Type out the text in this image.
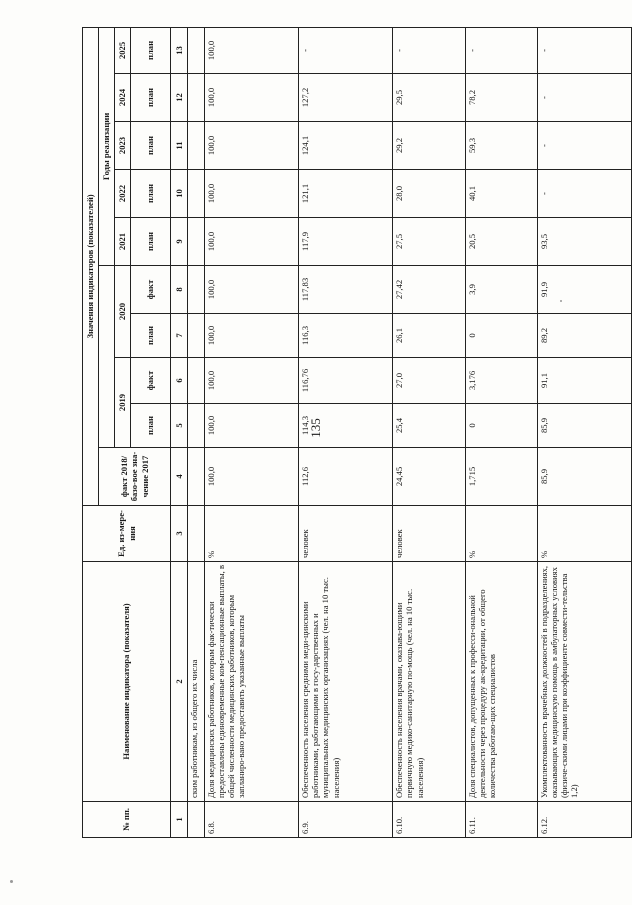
135
№ пп.	Наименование индикатора (показателя)	Ед. из-мере-ния	Значения индикаторов (показателей)									
			факт 2018/базо-вое зна-чение 2017					Годы реализации				
				2019		2020		2021	2022	2023	2024	2025
				план	факт	план	факт	план	план	план	план	план
1	2	3	4	5	6	7	8	9	10	11	12	13
	ским работникам, из общего их числа											
6.8.	Доля медицинских работников, которым фак-тически предоставлены единовременные ком-пенсационные выплаты, в общей численности медицинских работников, которым запланиро-вано предоставить указанные выплаты	%	100,0	100,0	100,0	100,0	100,0	100,0	100,0	100,0	100,0	100,0
6.9.	Обеспеченность населения средними меди-цинскими работниками, работающими в госу-дарственных и муниципальных медицинских организациях (чел. на 10 тыс. населения)	человек	112,6	114,3	116,76	116,3	117,83	117,9	121,1	124,1	127,2	-
6.10.	Обеспеченность населения врачами, оказыва-ющими первичную медико-санитарную по-мощь (чел. на 10 тыс. населения)	человек	24,45	25,4	27,0	26,1	27,42	27,5	28,0	29,2	29,5	-
6.11.	Доля специалистов, допущенных к професси-ональной деятельности через процедуру ак-кредитации, от общего количества работаю-щих специалистов	%	1,715	0	3,176	0	3,9	20,5	40,1	59,3	78,2	-
6.12.	Укомплектованность врачебных должностей в подразделениях, оказывающих медицинскую помощь в амбулаторных условиях (физиче-скими лицами при коэффициенте совмести-тельства 1,2)	%	85,9	85,9	91,1	89,2	91,9	93,5	-	-	-	-
